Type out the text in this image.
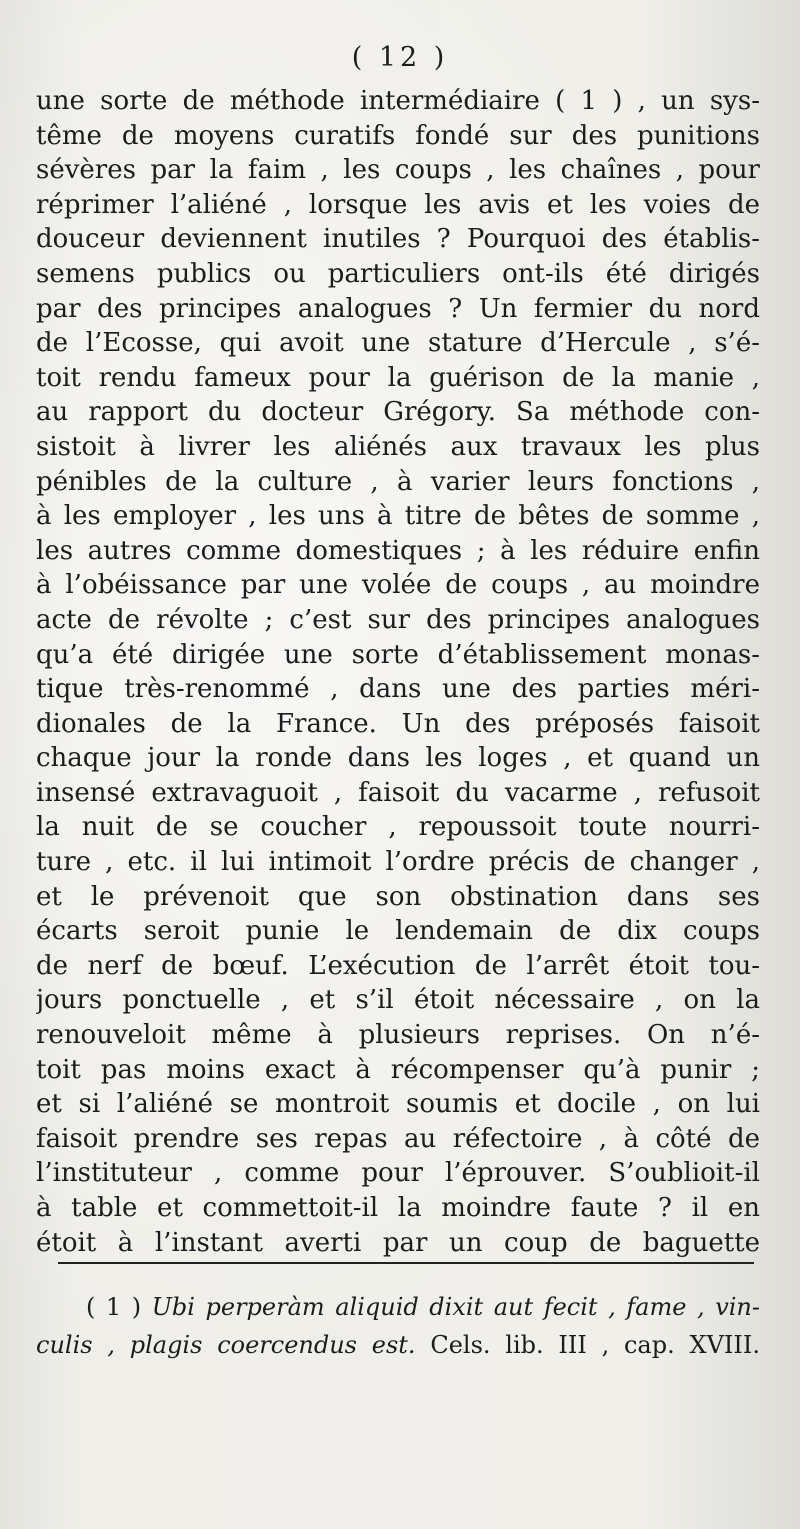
( 12 )
une sorte de méthode intermédiaire ( 1 ) , un sys-
tême de moyens curatifs fondé sur des punitions
sévères par la faim , les coups , les chaînes , pour
réprimer l’aliéné , lorsque les avis et les voies de
douceur deviennent inutiles ? Pourquoi des établis-
semens publics ou particuliers ont-ils été dirigés
par des principes analogues ? Un fermier du nord
de l’Ecosse, qui avoit une stature d’Hercule , s’é-
toit rendu fameux pour la guérison de la manie ,
au rapport du docteur Grégory. Sa méthode con-
sistoit à livrer les aliénés aux travaux les plus
pénibles de la culture , à varier leurs fonctions ,
à les employer , les uns à titre de bêtes de somme ,
les autres comme domestiques ; à les réduire enfin
à l’obéissance par une volée de coups , au moindre
acte de révolte ; c’est sur des principes analogues
qu’a été dirigée une sorte d’établissement monas-
tique très-renommé , dans une des parties méri-
dionales de la France. Un des préposés faisoit
chaque jour la ronde dans les loges , et quand un
insensé extravaguoit , faisoit du vacarme , refusoit
la nuit de se coucher , repoussoit toute nourri-
ture , etc. il lui intimoit l’ordre précis de changer ,
et le prévenoit que son obstination dans ses
écarts seroit punie le lendemain de dix coups
de nerf de bœuf. L’exécution de l’arrêt étoit tou-
jours ponctuelle , et s’il étoit nécessaire , on la
renouveloit même à plusieurs reprises. On n’é-
toit pas moins exact à récompenser qu’à punir ;
et si l’aliéné se montroit soumis et docile , on lui
faisoit prendre ses repas au réfectoire , à côté de
l’instituteur , comme pour l’éprouver. S’oublioit-il
à table et commettoit-il la moindre faute ? il en
étoit à l’instant averti par un coup de baguette
( 1 ) Ubi perperàm aliquid dixit aut fecit , fame , vin-
culis , plagis coercendus est. Cels. lib. III , cap. XVIII.
